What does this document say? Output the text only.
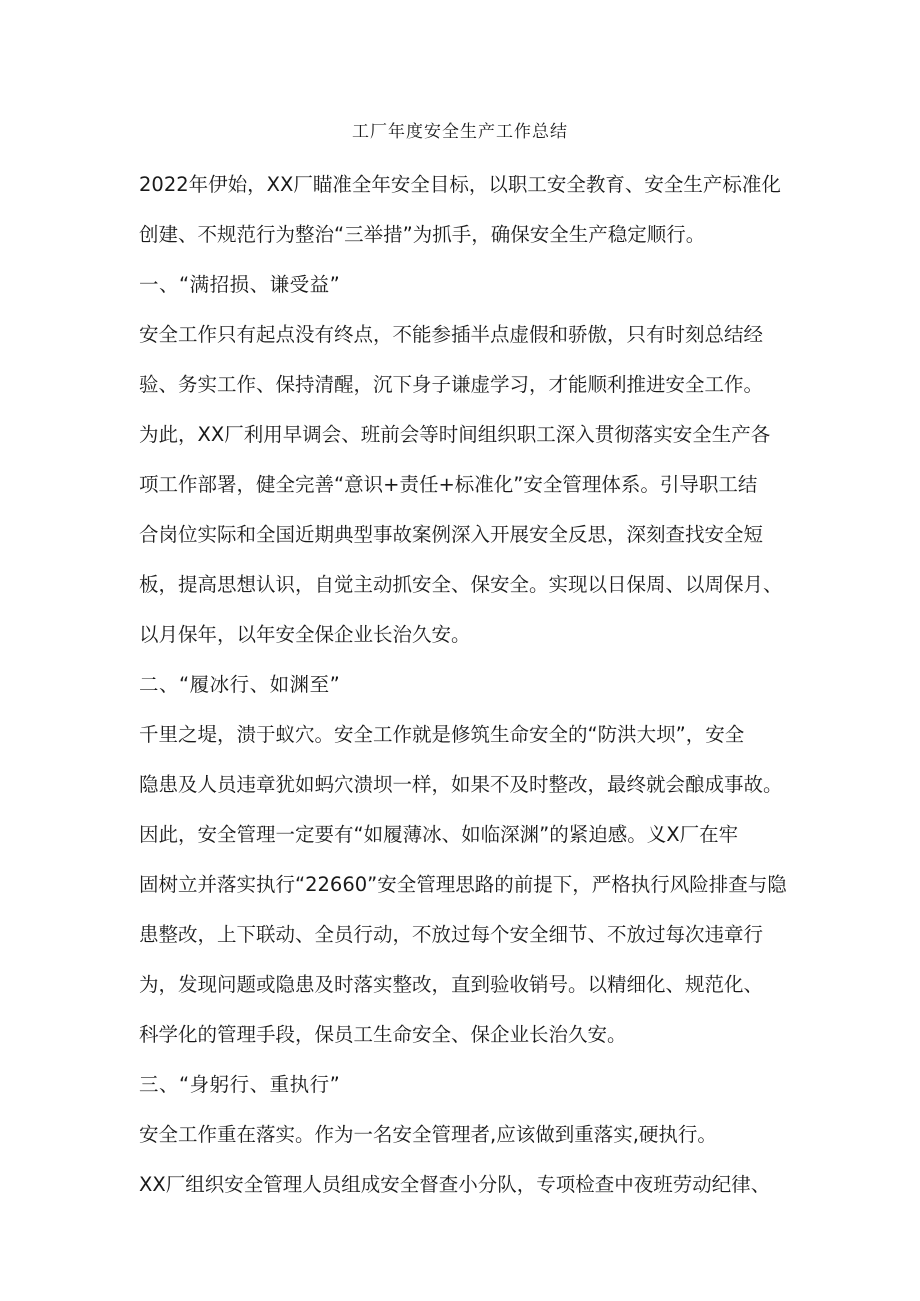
工厂年度安全生产工作总结
2022年伊始，XX厂瞄准全年安全目标，以职工安全教育、安全生产标准化
创建、不规范行为整治“三举措”为抓手，确保安全生产稳定顺行。
一、“满招损、谦受益”
安全工作只有起点没有终点，不能参插半点虚假和骄傲，只有时刻总结经
验、务实工作、保持清醒，沉下身子谦虚学习，才能顺利推进安全工作。
为此，XX厂利用早调会、班前会等时间组织职工深入贯彻落实安全生产各
项工作部署，健全完善“意识+责任+标准化”安全管理体系。引导职工结
合岗位实际和全国近期典型事故案例深入开展安全反思，深刻查找安全短
板，提高思想认识，自觉主动抓安全、保安全。实现以日保周、以周保月、
以月保年，以年安全保企业长治久安。
二、“履冰行、如渊至”
千里之堤，溃于蚁穴。安全工作就是修筑生命安全的“防洪大坝”，安全
隐患及人员违章犹如蚂穴溃坝一样，如果不及时整改，最终就会酿成事故。
因此，安全管理一定要有“如履薄冰、如临深渊”的紧迫感。义X厂在牢
固树立并落实执行“22660”安全管理思路的前提下，严格执行风险排查与隐
患整改，上下联动、全员行动，不放过每个安全细节、不放过每次违章行
为，发现问题或隐患及时落实整改，直到验收销号。以精细化、规范化、
科学化的管理手段，保员工生命安全、保企业长治久安。
三、“身躬行、重执行”
安全工作重在落实。作为一名安全管理者,应该做到重落实,硬执行。
XX厂组织安全管理人员组成安全督查小分队，专项检查中夜班劳动纪律、
